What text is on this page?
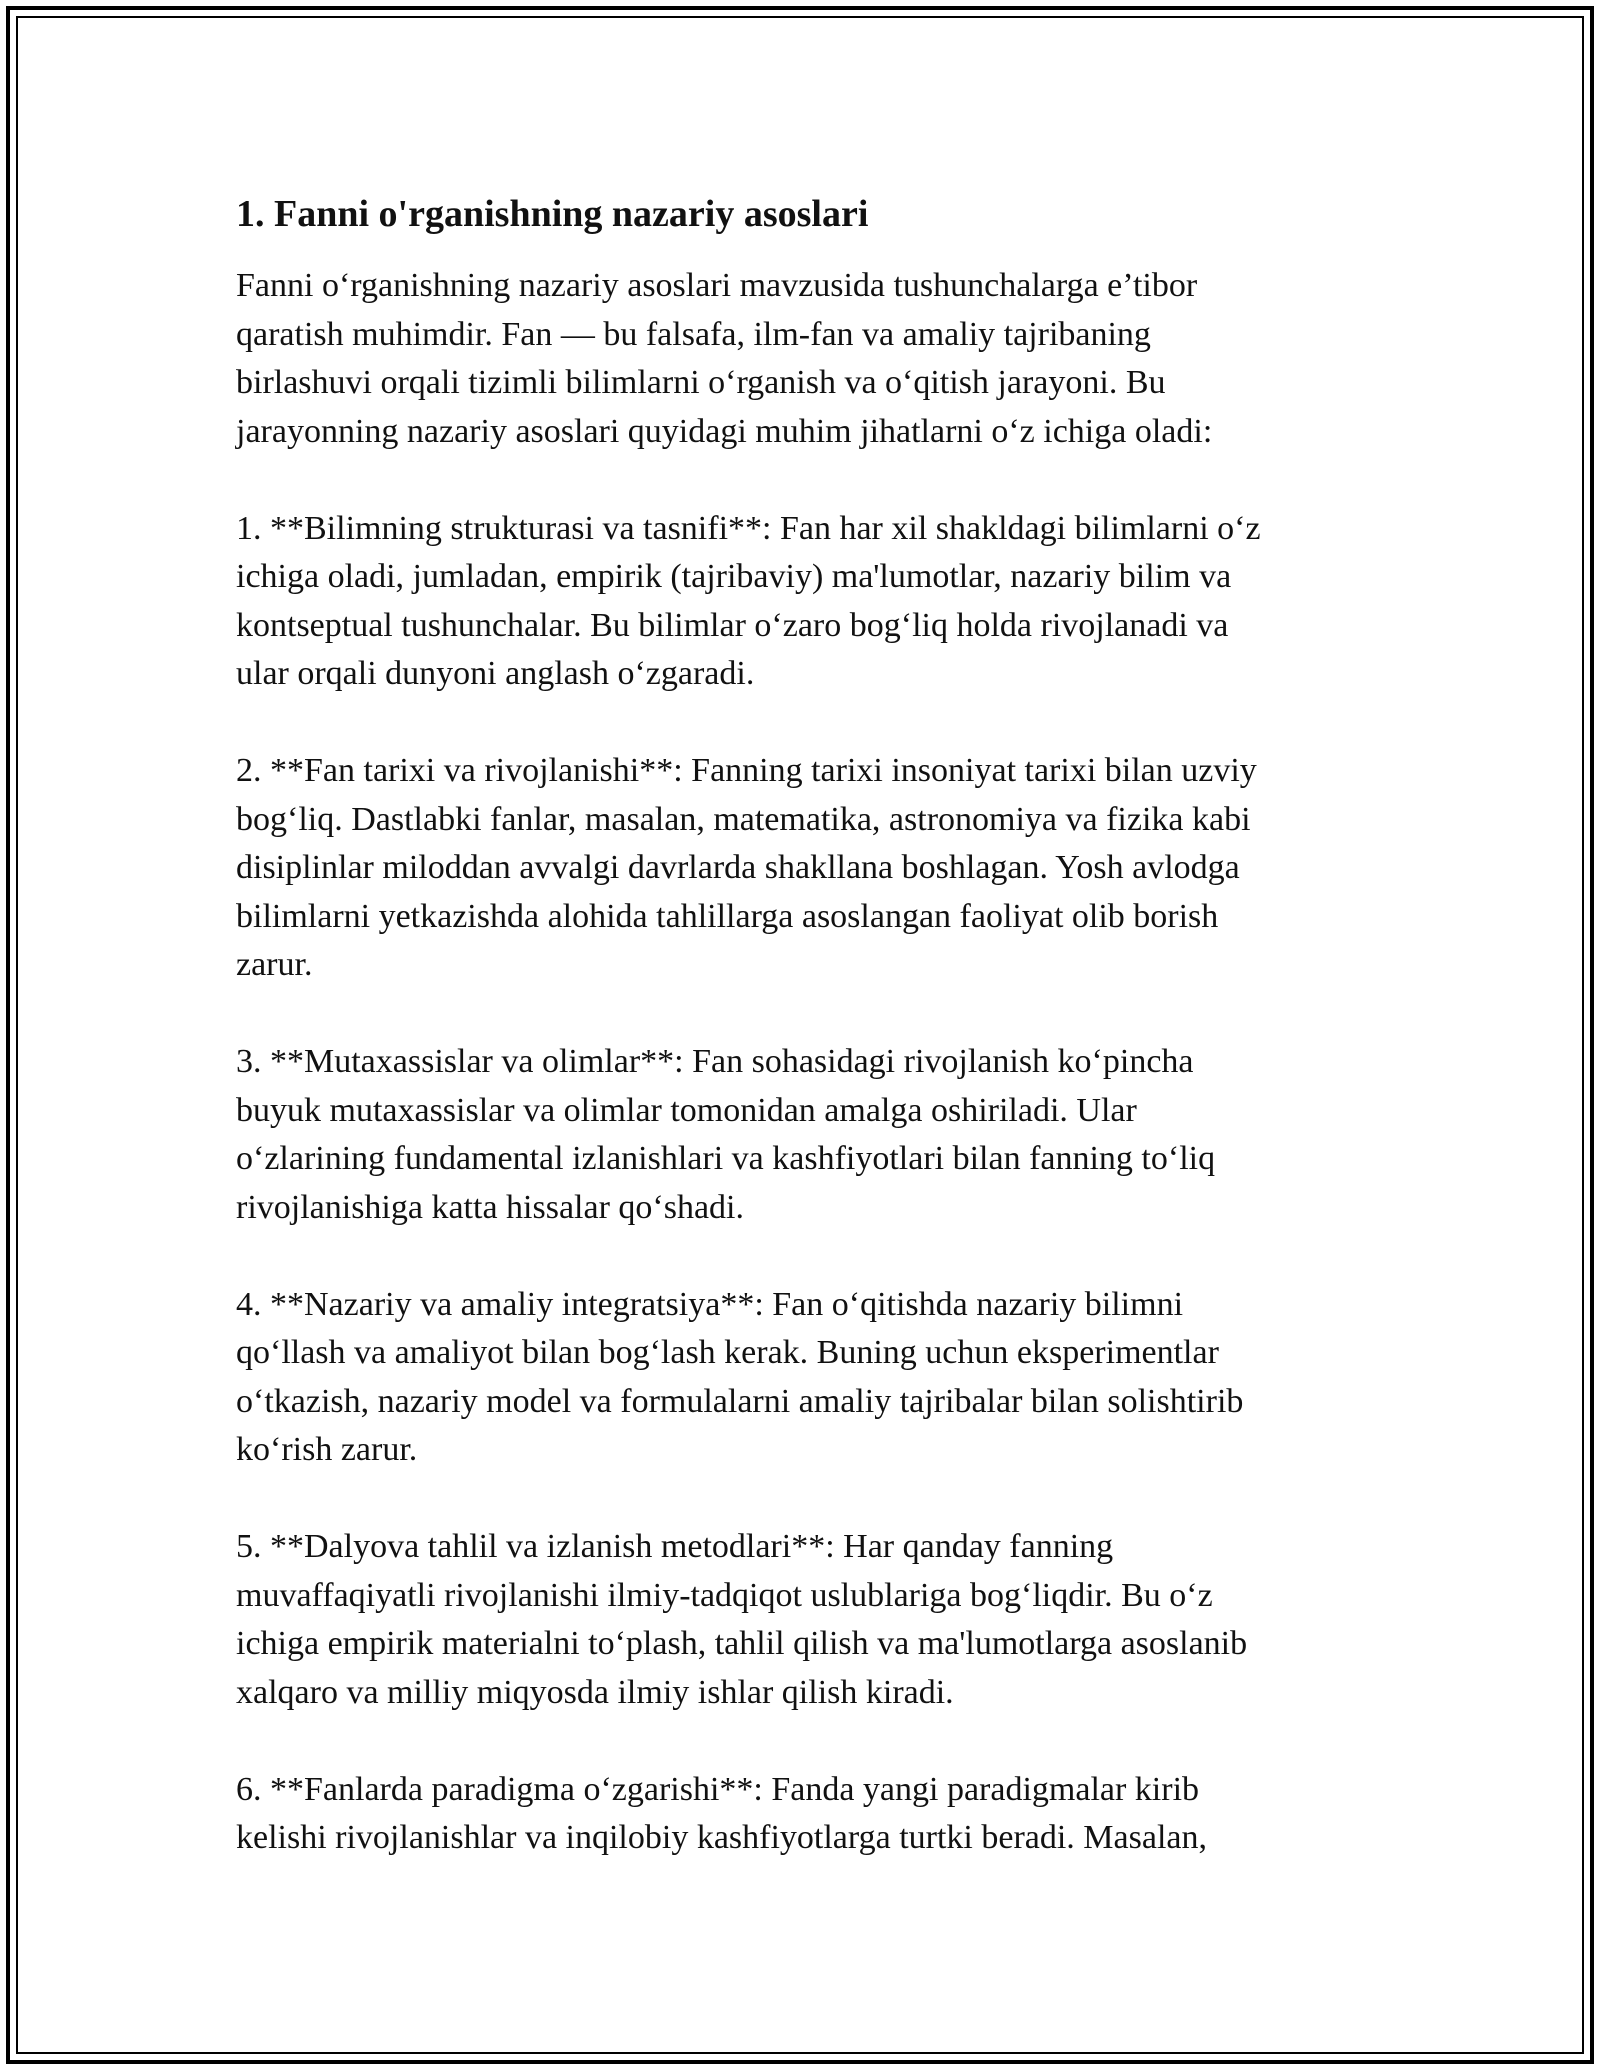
1. Fanni o'rganishning nazariy asoslari

Fanni o‘rganishning nazariy asoslari mavzusida tushunchalarga e’tibor
qaratish muhimdir. Fan — bu falsafa, ilm-fan va amaliy tajribaning
birlashuvi orqali tizimli bilimlarni o‘rganish va o‘qitish jarayoni. Bu
jarayonning nazariy asoslari quyidagi muhim jihatlarni o‘z ichiga oladi:

1. **Bilimning strukturasi va tasnifi**: Fan har xil shakldagi bilimlarni o‘z
ichiga oladi, jumladan, empirik (tajribaviy) ma'lumotlar, nazariy bilim va
kontseptual tushunchalar. Bu bilimlar o‘zaro bog‘liq holda rivojlanadi va
ular orqali dunyoni anglash o‘zgaradi.

2. **Fan tarixi va rivojlanishi**: Fanning tarixi insoniyat tarixi bilan uzviy
bog‘liq. Dastlabki fanlar, masalan, matematika, astronomiya va fizika kabi
disiplinlar miloddan avvalgi davrlarda shakllana boshlagan. Yosh avlodga
bilimlarni yetkazishda alohida tahlillarga asoslangan faoliyat olib borish
zarur.

3. **Mutaxassislar va olimlar**: Fan sohasidagi rivojlanish ko‘pincha
buyuk mutaxassislar va olimlar tomonidan amalga oshiriladi. Ular
o‘zlarining fundamental izlanishlari va kashfiyotlari bilan fanning to‘liq
rivojlanishiga katta hissalar qo‘shadi.

4. **Nazariy va amaliy integratsiya**: Fan o‘qitishda nazariy bilimni
qo‘llash va amaliyot bilan bog‘lash kerak. Buning uchun eksperimentlar
o‘tkazish, nazariy model va formulalarni amaliy tajribalar bilan solishtirib
ko‘rish zarur.

5. **Dalyova tahlil va izlanish metodlari**: Har qanday fanning
muvaffaqiyatli rivojlanishi ilmiy-tadqiqot uslublariga bog‘liqdir. Bu o‘z
ichiga empirik materialni to‘plash, tahlil qilish va ma'lumotlarga asoslanib
xalqaro va milliy miqyosda ilmiy ishlar qilish kiradi.

6. **Fanlarda paradigma o‘zgarishi**: Fanda yangi paradigmalar kirib
kelishi rivojlanishlar va inqilobiy kashfiyotlarga turtki beradi. Masalan,
